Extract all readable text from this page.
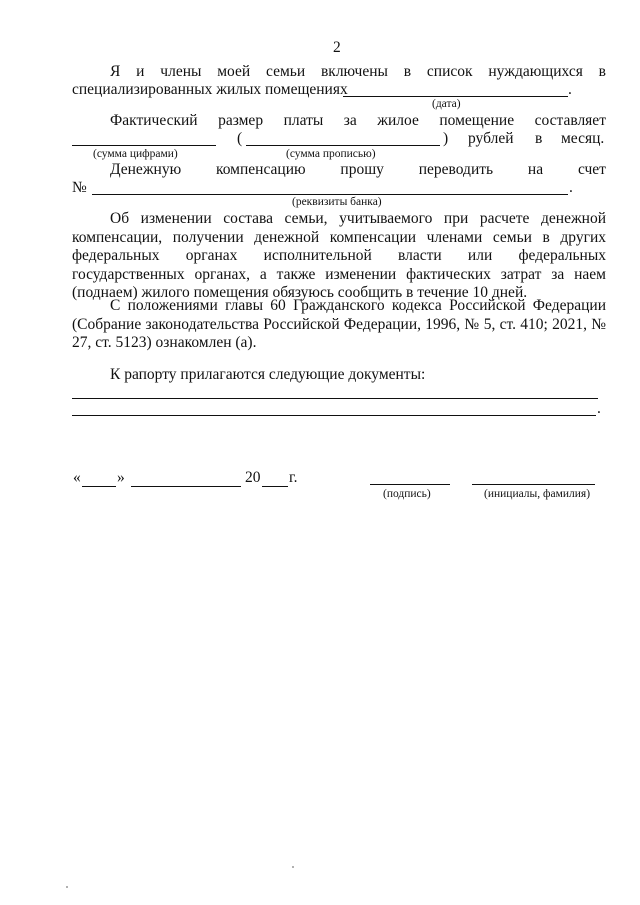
2
Я и члены моей семьи включены в список нуждающихся в
специализированных жилых помещениях	.
(дата)
Фактический размер платы за жилое помещение составляет
(	) рублей в месяц.
(сумма цифрами)	(сумма прописью)
Денежную компенсацию прошу переводить на счет
№	.
(реквизиты банка)
Об изменении состава семьи, учитываемого при расчете денежной компенсации, получении денежной компенсации членами семьи в других федеральных органах исполнительной власти или федеральных государственных органах, а также изменении фактических затрат за наем (поднаем) жилого помещения обязуюсь сообщить в течение 10 дней.
С положениями главы 60 Гражданского кодекса Российской Федерации (Собрание законодательства Российской Федерации, 1996, № 5, ст. 410; 2021, № 27, ст. 5123) ознакомлен (а).
К рапорту прилагаются следующие документы:
.
« »	20 г.
(подпись)	(инициалы, фамилия)
